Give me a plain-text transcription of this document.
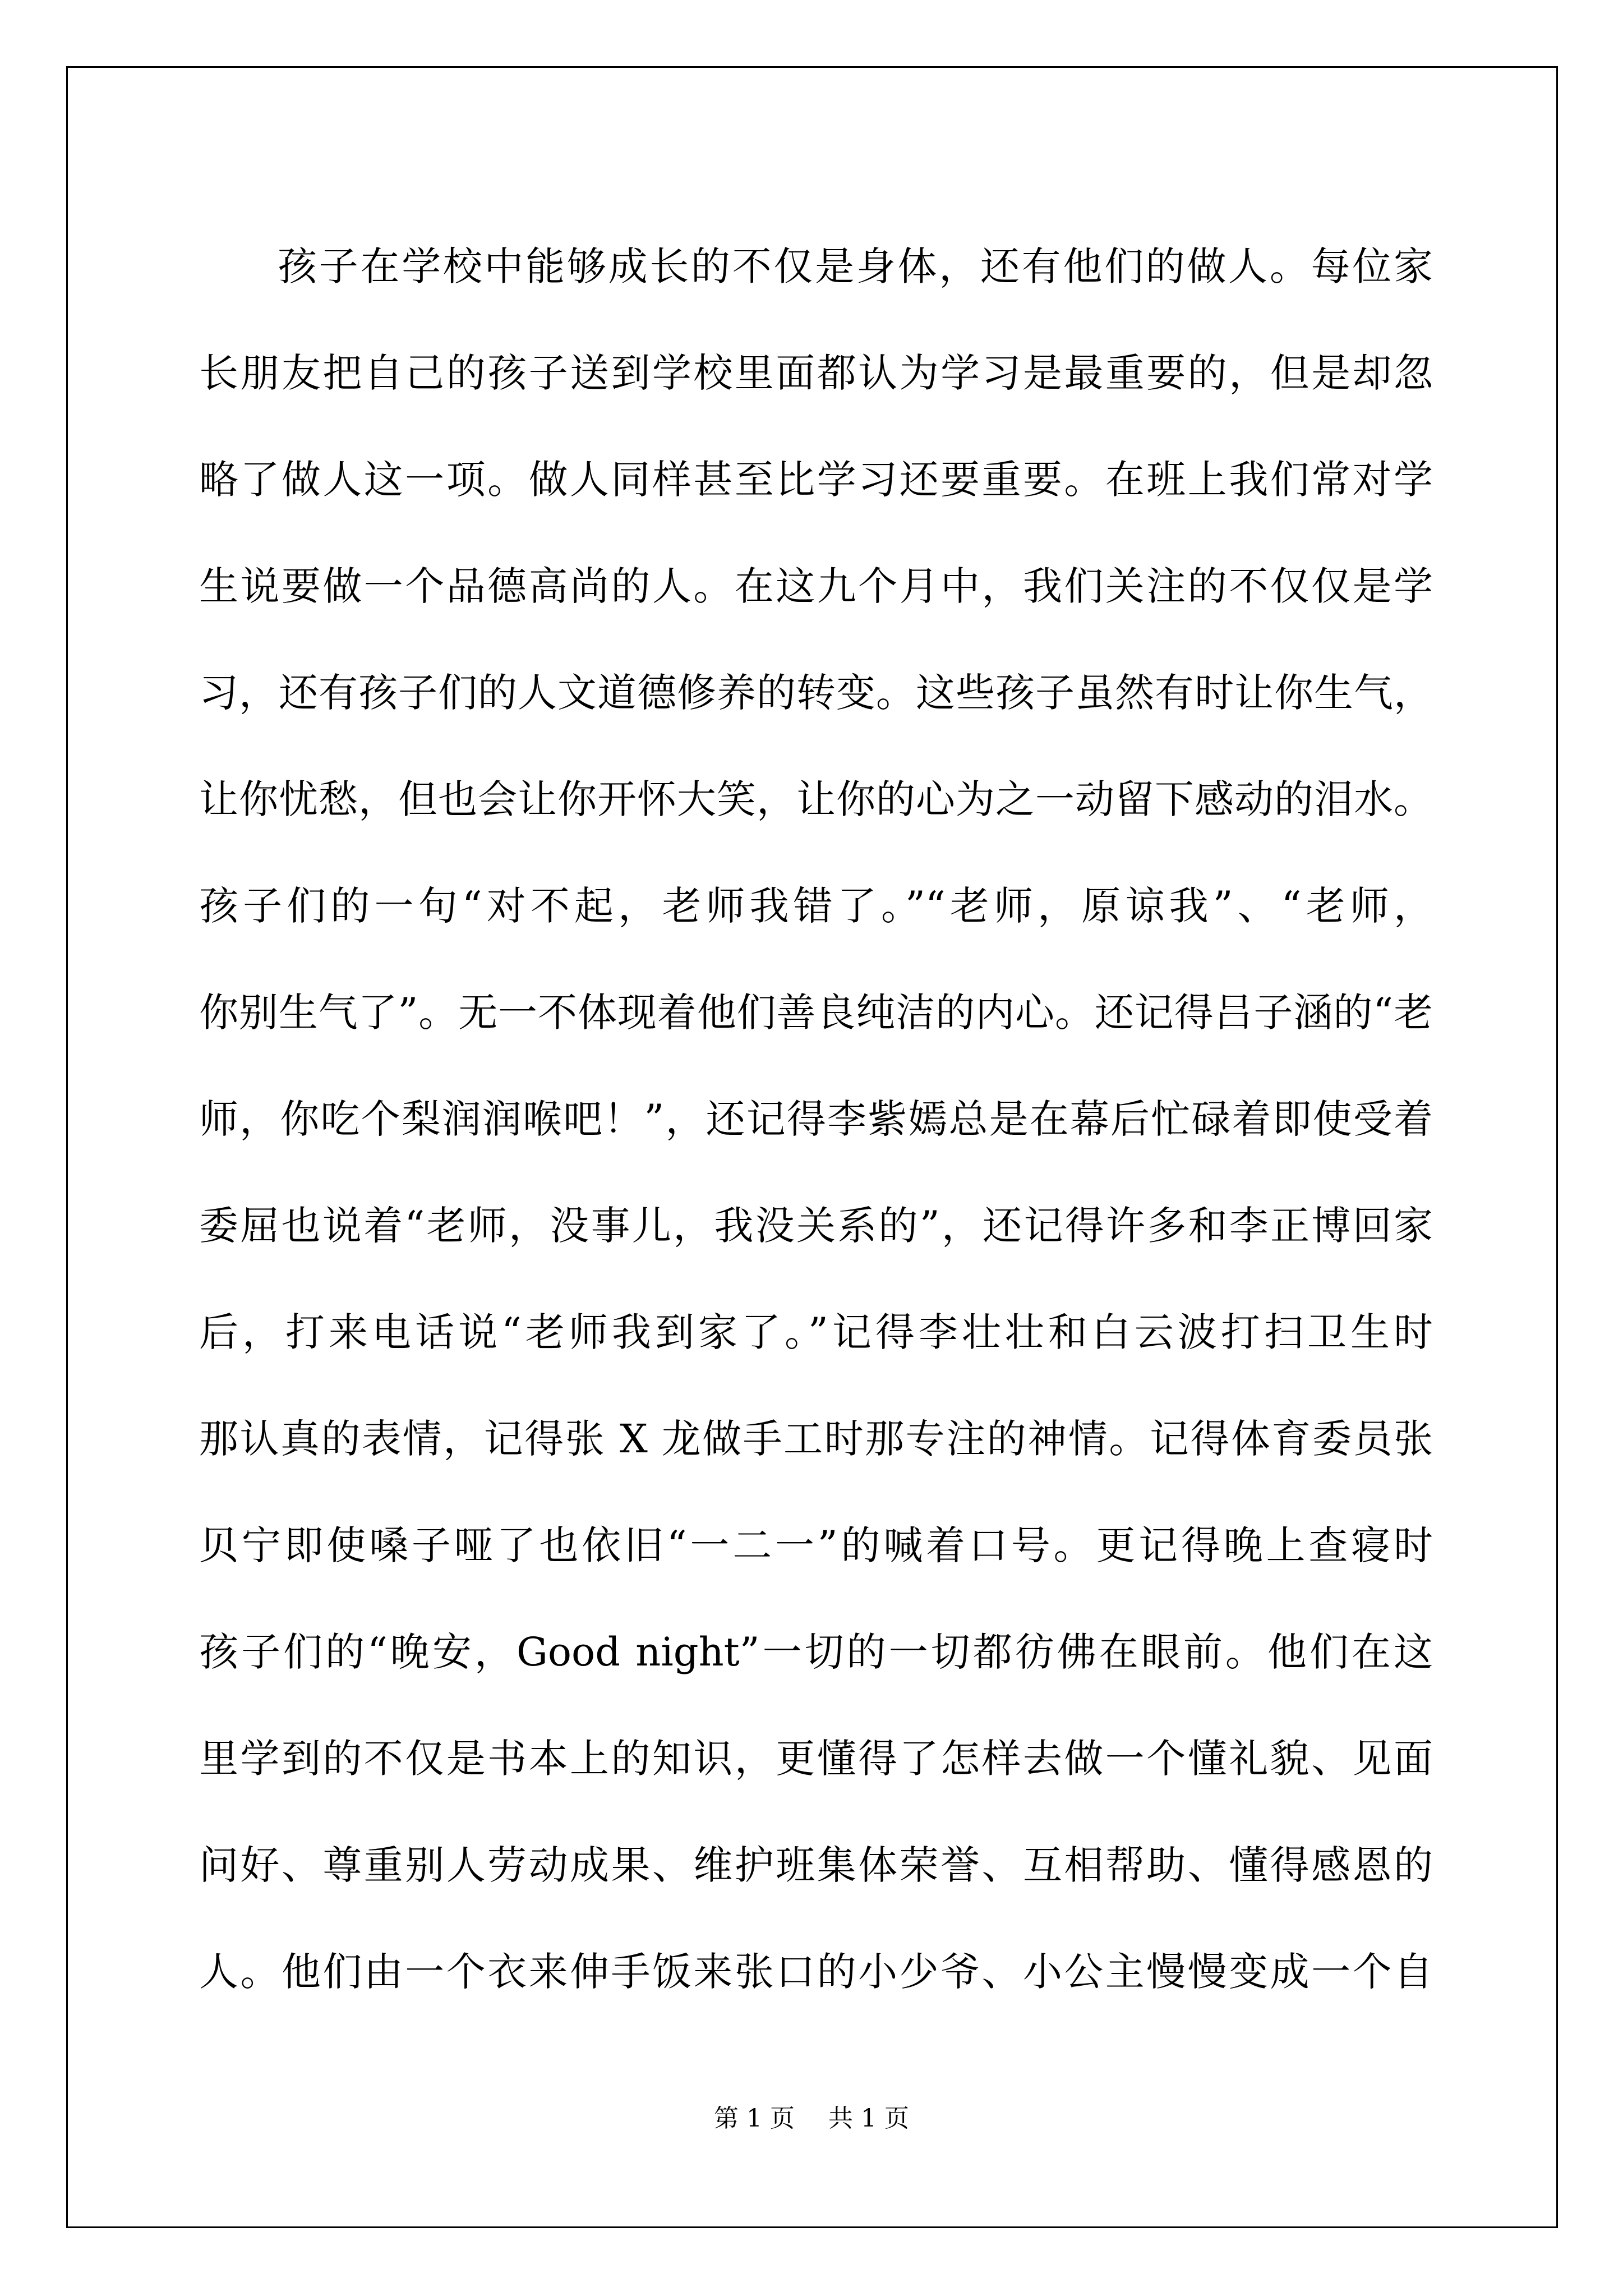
孩子在学校中能够成长的不仅是身体，还有他们的做人。每位家
长朋友把自己的孩子送到学校里面都认为学习是最重要的，但是却忽
略了做人这一项。做人同样甚至比学习还要重要。在班上我们常对学
生说要做一个品德高尚的人。在这九个月中，我们关注的不仅仅是学
习，还有孩子们的人文道德修养的转变。这些孩子虽然有时让你生气，
让你忧愁，但也会让你开怀大笑，让你的心为之一动留下感动的泪水。
孩子们的一句“对不起，老师我错了。”“老师，原谅我”、“老师，
你别生气了”。无一不体现着他们善良纯洁的内心。还记得吕子涵的“老
师，你吃个梨润润喉吧！”，还记得李紫嫣总是在幕后忙碌着即使受着
委屈也说着“老师，没事儿，我没关系的”，还记得许多和李正博回家
后，打来电话说“老师我到家了。”记得李壮壮和白云波打扫卫生时
那认真的表情，记得张 X 龙做手工时那专注的神情。记得体育委员张
贝宁即使嗓子哑了也依旧“一二一”的喊着口号。更记得晚上查寝时
孩子们的“晚安，Good night”一切的一切都彷佛在眼前。他们在这
里学到的不仅是书本上的知识，更懂得了怎样去做一个懂礼貌、见面
问好、尊重别人劳动成果、维护班集体荣誉、互相帮助、懂得感恩的
人。他们由一个衣来伸手饭来张口的小少爷、小公主慢慢变成一个自
第 1 页 共 1 页
